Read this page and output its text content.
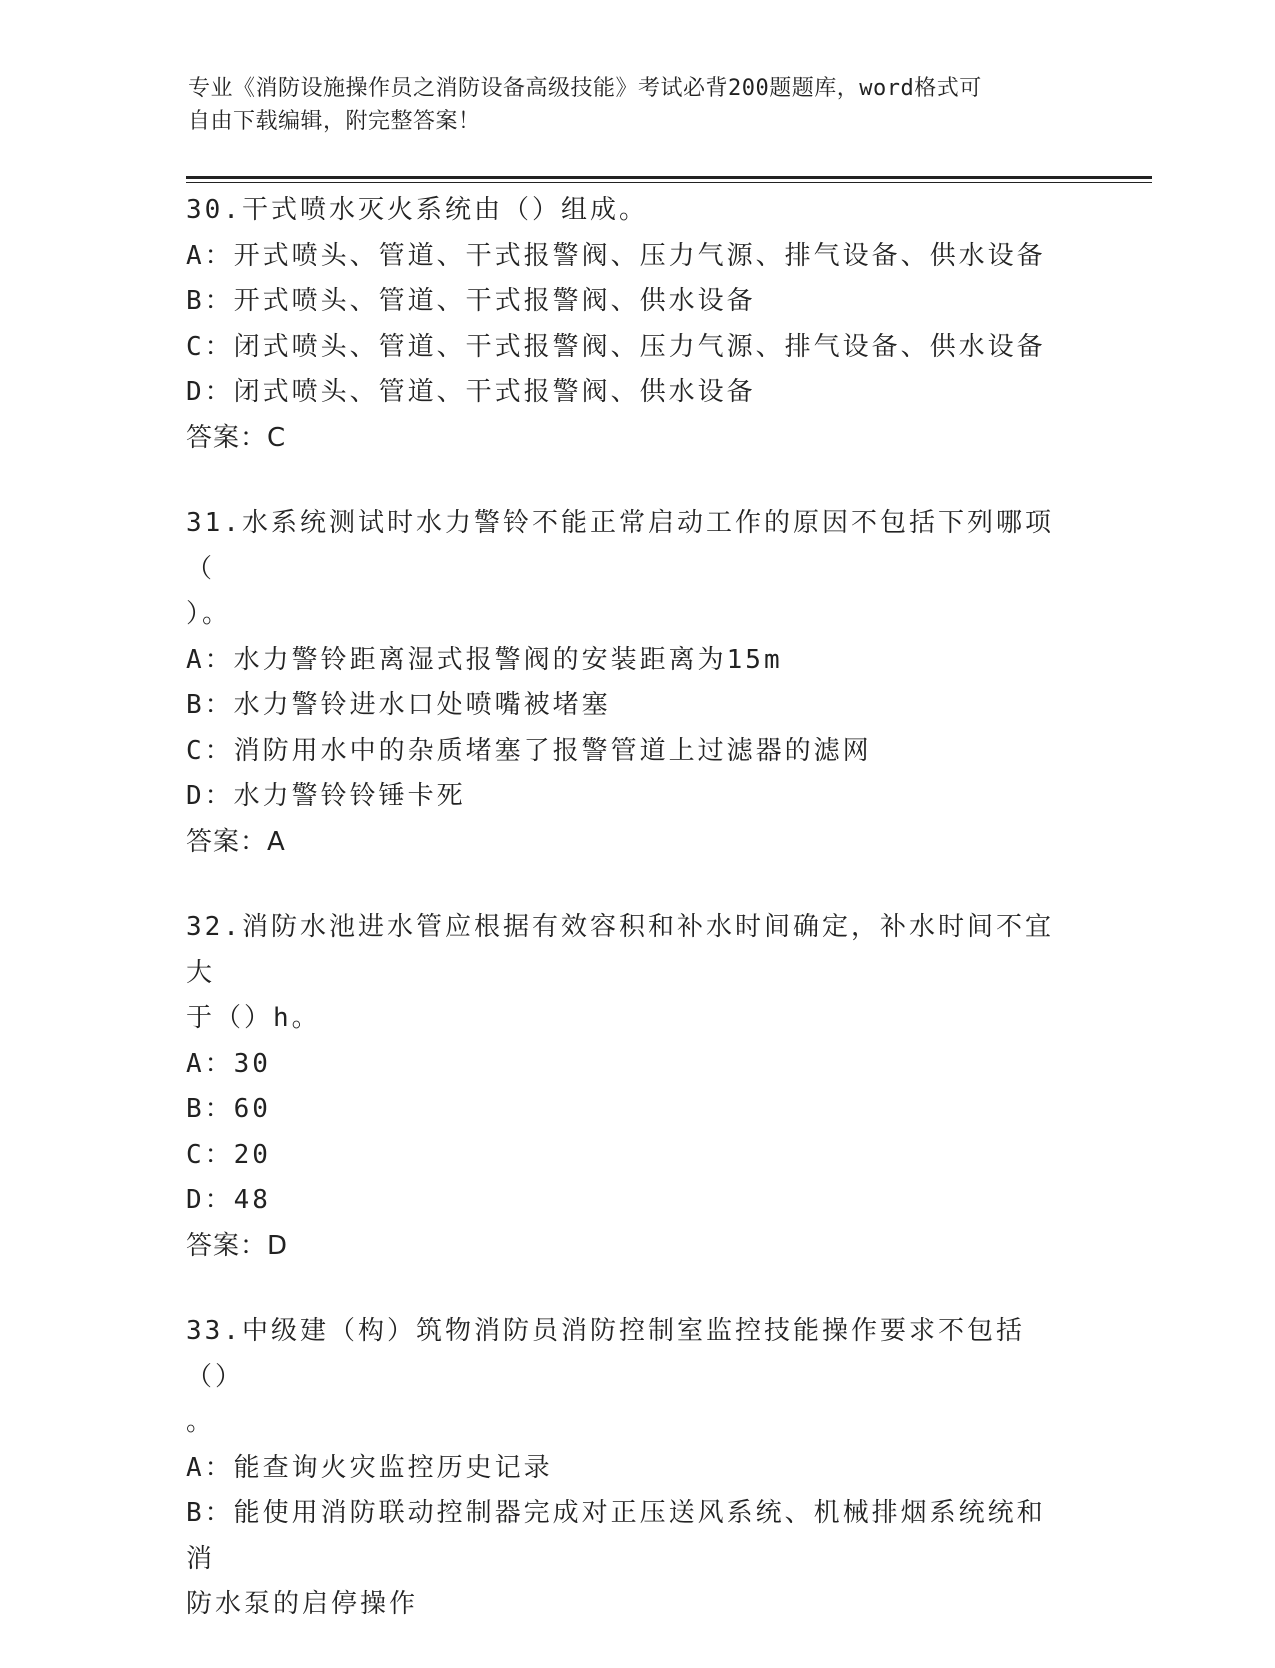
专业《消防设施操作员之消防设备高级技能》考试必背200题题库，word格式可
自由下载编辑，附完整答案！
30.干式喷水灭火系统由（）组成。
A：开式喷头、管道、干式报警阀、压力气源、排气设备、供水设备
B：开式喷头、管道、干式报警阀、供水设备
C：闭式喷头、管道、干式报警阀、压力气源、排气设备、供水设备
D：闭式喷头、管道、干式报警阀、供水设备
答案：C
31.水系统测试时水力警铃不能正常启动工作的原因不包括下列哪项（
）。
A：水力警铃距离湿式报警阀的安装距离为15m
B：水力警铃进水口处喷嘴被堵塞
C：消防用水中的杂质堵塞了报警管道上过滤器的滤网
D：水力警铃铃锤卡死
答案：A
32.消防水池进水管应根据有效容积和补水时间确定，补水时间不宜大
于（）h。
A：30
B：60
C：20
D：48
答案：D
33.中级建（构）筑物消防员消防控制室监控技能操作要求不包括（）
。
A：能查询火灾监控历史记录
B：能使用消防联动控制器完成对正压送风系统、机械排烟系统统和消
防水泵的启停操作
